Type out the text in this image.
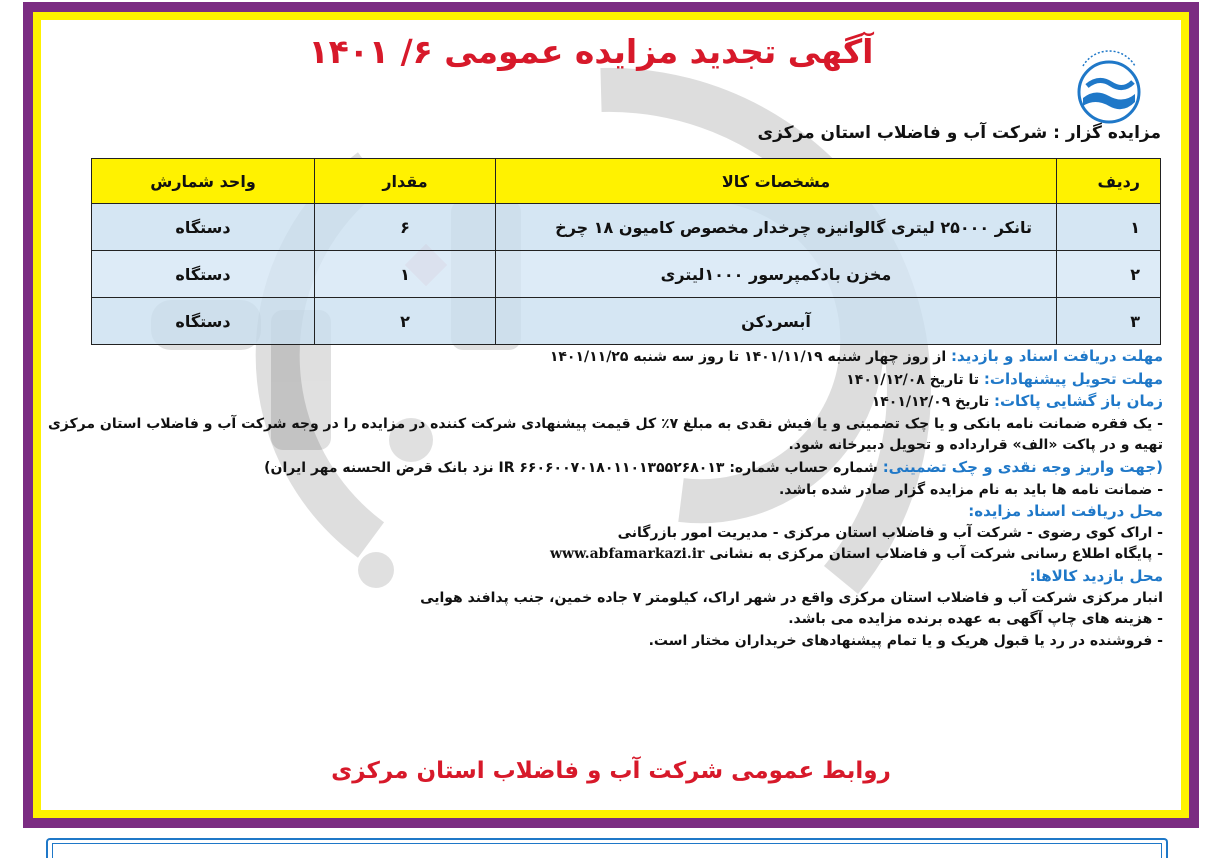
آگهی تجدید مزایده عمومی ۶/ ۱۴۰۱
مزایده گزار : شرکت آب و فاضلاب استان مرکزی
ردیف	مشخصات کالا	مقدار	واحد شمارش
۱	تانکر ۲۵۰۰۰ لیتری گالوانیزه چرخدار مخصوص کامیون ۱۸ چرخ	۶	دستگاه
۲	مخزن بادکمپرسور ۱۰۰۰لیتری	۱	دستگاه
۳	آبسردکن	۲	دستگاه
مهلت دریافت اسناد و بازدید: از روز چهار شنبه ۱۴۰۱/۱۱/۱۹ تا روز سه شنبه ۱۴۰۱/۱۱/۲۵
مهلت تحویل پیشنهادات: تا تاریخ ۱۴۰۱/۱۲/۰۸
زمان باز گشایی پاکات: تاریخ ۱۴۰۱/۱۲/۰۹
- یک فقره ضمانت نامه بانکی و یا چک تضمینی و یا فیش نقدی به مبلغ ۷٪ کل قیمت پیشنهادی شرکت کننده در مزایده را در وجه شرکت آب و فاضلاب استان مرکزی
تهیه و در پاکت «الف» قرارداده و تحویل دبیرخانه شود.
(جهت واریز وجه نقدی و چک تضمینی: شماره حساب شماره: IR ۶۶۰۶۰۰۷۰۱۸۰۱۱۰۱۳۵۵۲۶۸۰۱۳ نزد بانک قرض الحسنه مهر ایران)
- ضمانت نامه ها باید به نام مزایده گزار صادر شده باشد.
محل دریافت اسناد مزایده:
- اراک کوی رضوی - شرکت آب و فاضلاب استان مرکزی - مدیریت امور بازرگانی
- پایگاه اطلاع رسانی شرکت آب و فاضلاب استان مرکزی به نشانی www.abfamarkazi.ir
محل بازدید کالاها:
انبار مرکزی شرکت آب و فاضلاب استان مرکزی واقع در شهر اراک، کیلومتر ۷ جاده خمین، جنب پدافند هوایی
- هزینه های چاپ آگهی به عهده برنده مزایده می باشد.
- فروشنده در رد یا قبول هریک و یا تمام پیشنهادهای خریداران مختار است.
روابط عمومی شرکت آب و فاضلاب استان مرکزی
